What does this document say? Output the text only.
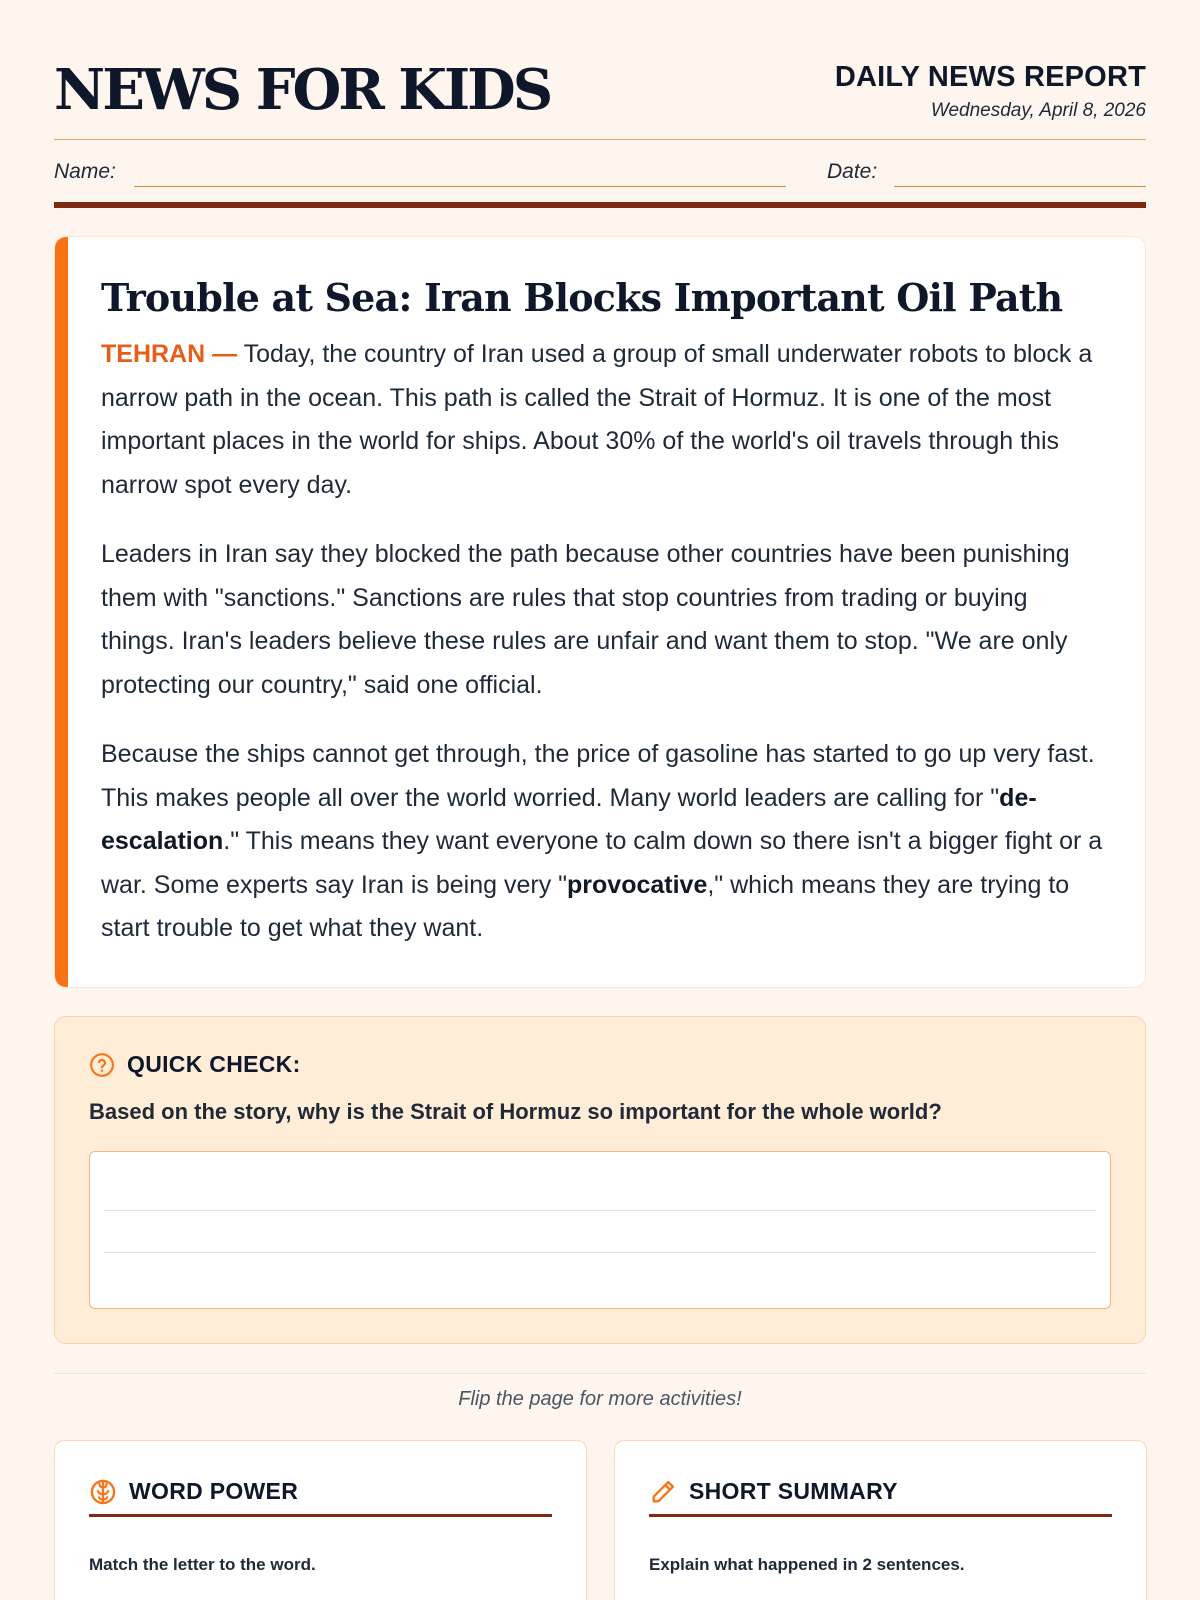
NEWS FOR KIDS	DAILY NEWS REPORT
Wednesday, April 8, 2026
Name:	Date:
Trouble at Sea: Iran Blocks Important Oil Path

TEHRAN — Today, the country of Iran used a group of small underwater robots to block a narrow path in the ocean. This path is called the Strait of Hormuz. It is one of the most important places in the world for ships. About 30% of the world's oil travels through this narrow spot every day.

Leaders in Iran say they blocked the path because other countries have been punishing them with "sanctions." Sanctions are rules that stop countries from trading or buying things. Iran's leaders believe these rules are unfair and want them to stop. "We are only protecting our country," said one official.

Because the ships cannot get through, the price of gasoline has started to go up very fast. This makes people all over the world worried. Many world leaders are calling for "de-escalation." This means they want everyone to calm down so there isn't a bigger fight or a war. Some experts say Iran is being very "provocative," which means they are trying to start trouble to get what they want.

QUICK CHECK:
Based on the story, why is the Strait of Hormuz so important for the whole world?
Flip the page for more activities!
WORD POWER
Match the letter to the word.
SHORT SUMMARY
Explain what happened in 2 sentences.
